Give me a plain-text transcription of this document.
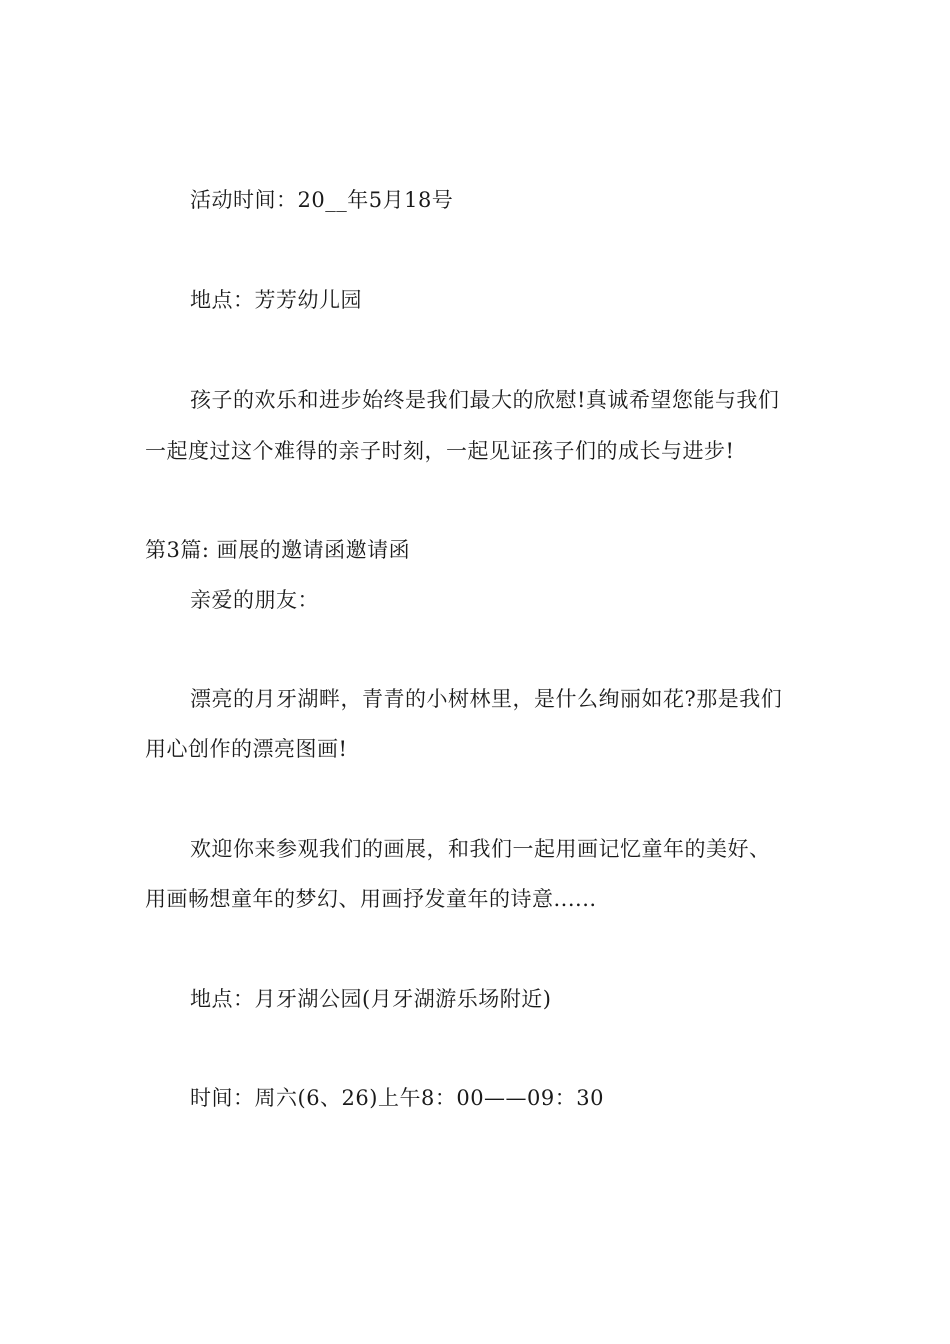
活动时间：20__年5月18号
地点：芳芳幼儿园
孩子的欢乐和进步始终是我们最大的欣慰!真诚希望您能与我们
一起度过这个难得的亲子时刻，一起见证孩子们的成长与进步!
第3篇: 画展的邀请函邀请函
亲爱的朋友：
漂亮的月牙湖畔，青青的小树林里，是什么绚丽如花?那是我们
用心创作的漂亮图画!
欢迎你来参观我们的画展，和我们一起用画记忆童年的美好、
用画畅想童年的梦幻、用画抒发童年的诗意......
地点：月牙湖公园(月牙湖游乐场附近)
时间：周六(6、26)上午8：00——09：30
